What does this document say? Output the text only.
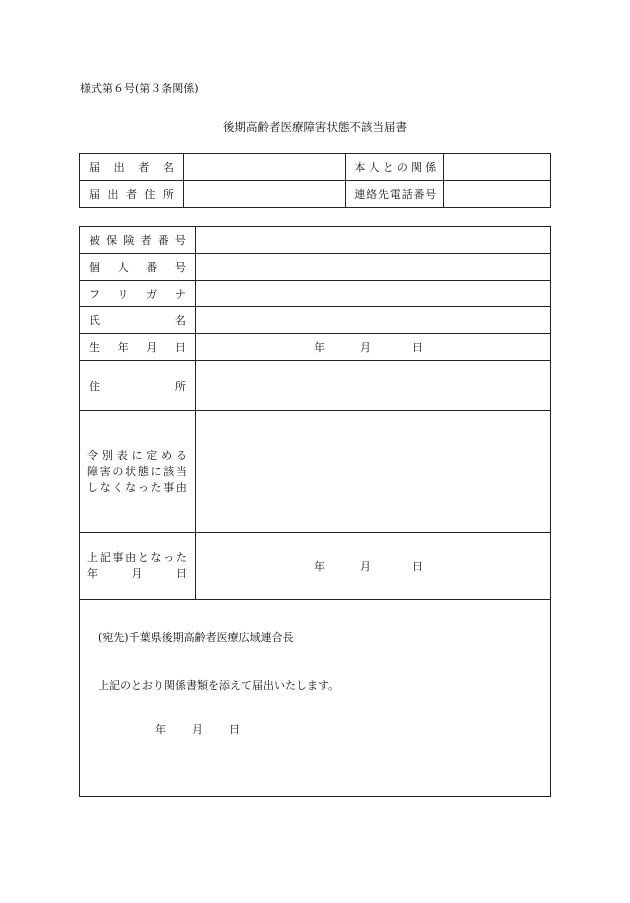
様式第６号(第３条関係)
後期高齢者医療障害状態不該当届書
届出者名		本人との関係	

届出者住所		連絡先電話番号	

被保険者番号	

個人番号	

フリガナ	

氏名	

生年月日	年 月 日

住所	

令別表に定める
障害の状態に該当
しなくなった事由	

上記事由となった
年月日	年 月 日

(宛先)千葉県後期高齢者医療広域連合長
上記のとおり関係書類を添えて届出いたします。
年 月 日	
